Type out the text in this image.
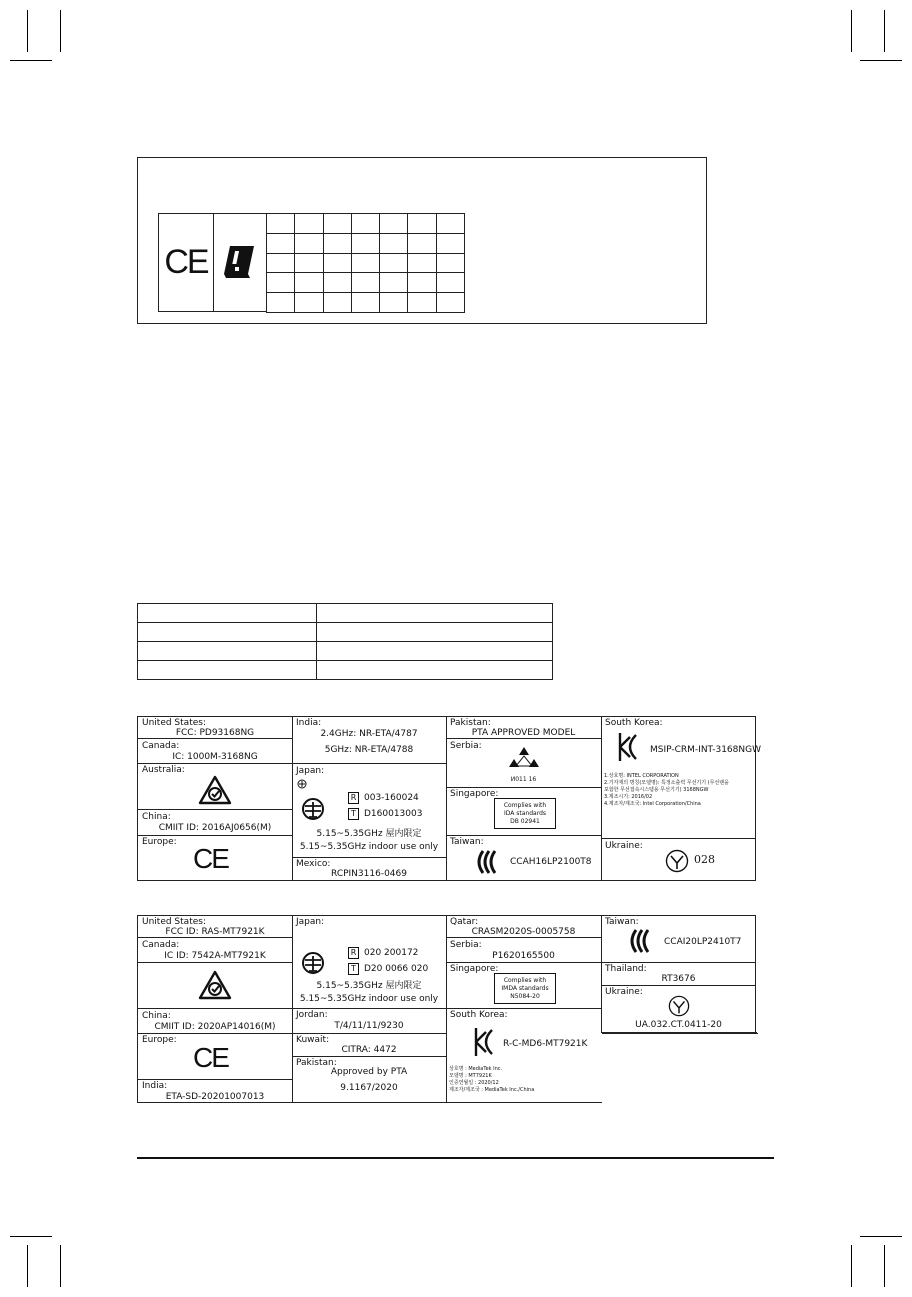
CE

United States:
FCC: PD93168NG
Canada:
IC: 1000M-3168NG
Australia:
China:
CMIIT ID: 2016AJ0656(M)
Europe:
CE
India:
2.4GHz: NR-ETA/4787
5GHz: NR-ETA/4788
Japan:
R 003-160024
T D160013003
5.15~5.35GHz 屋内限定
5.15~5.35GHz indoor use only
Mexico:
RCPIN3116-0469
Pakistan:
PTA APPROVED MODEL
Serbia:
И011 16
Singapore:
Complies with
IDA standards
DB 02941
Taiwan:
CCAH16LP2100T8
South Korea:
MSIP-CRM-INT-3168NGW
1.상호명: INTEL CORPORATION
2.기자재의 명칭(모델명): 특정소출력 무선기기 (무선랜을
포함한 무선접속시스템용 무선기기) 3168NGW
3.제조시기: 2016/02
4.제조자/제조국: Intel Corporation/China
Ukraine:
028
United States:
FCC ID: RAS-MT7921K
Canada:
IC ID: 7542A-MT7921K
China:
CMIIT ID: 2020AP14016(M)
Europe:
CE
India:
ETA-SD-20201007013
Japan:
R 020 200172
T D20 0066 020
5.15~5.35GHz 屋内限定
5.15~5.35GHz indoor use only
Jordan:
T/4/11/11/9230
Kuwait:
CITRA: 4472
Pakistan:
Approved by PTA
9.1167/2020
Qatar:
CRASM2020S-0005758
Serbia:
P1620165500
Singapore:
Complies with
IMDA standards
N5084-20
South Korea:
R-C-MD6-MT7921K
상호명 : MediaTek Inc.
모델명 : MT7921K
인증연월일 : 2020/12
제조자/제조국 : MediaTek Inc./China
Taiwan:
CCAI20LP2410T7
Thailand:
RT3676
Ukraine:
UA.032.CT.0411-20
